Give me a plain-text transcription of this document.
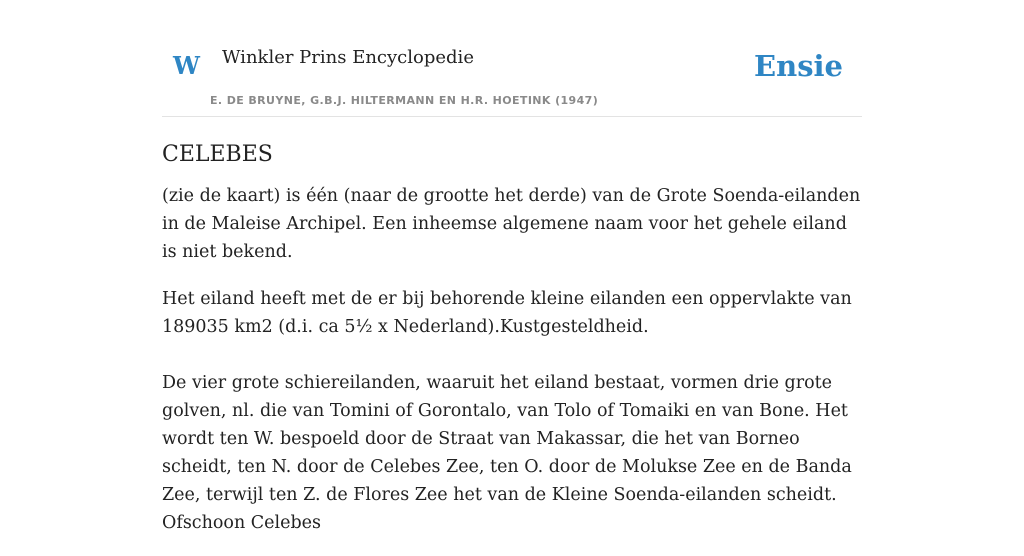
W Winkler Prins Encyclopedie
E. DE BRUYNE, G.B.J. HILTERMANN EN H.R. HOETINK (1947)
Ensie
CELEBES

(zie de kaart) is één (naar de grootte het derde) van de Grote Soenda-eilanden in de Maleise Archipel. Een inheemse algemene naam voor het gehele eiland is niet bekend.

Het eiland heeft met de er bij behorende kleine eilanden een oppervlakte van 189035 km2 (d.i. ca 5½ x Nederland).Kustgesteldheid.

De vier grote schiereilanden, waaruit het eiland bestaat, vormen drie grote golven, nl. die van Tomini of Gorontalo, van Tolo of Tomaiki en van Bone. Het wordt ten W. bespoeld door de Straat van Makassar, die het van Borneo scheidt, ten N. door de Celebes Zee, ten O. door de Molukse Zee en de Banda Zee, terwijl ten Z. de Flores Zee het van de Kleine Soenda-eilanden scheidt. Ofschoon Celebes
